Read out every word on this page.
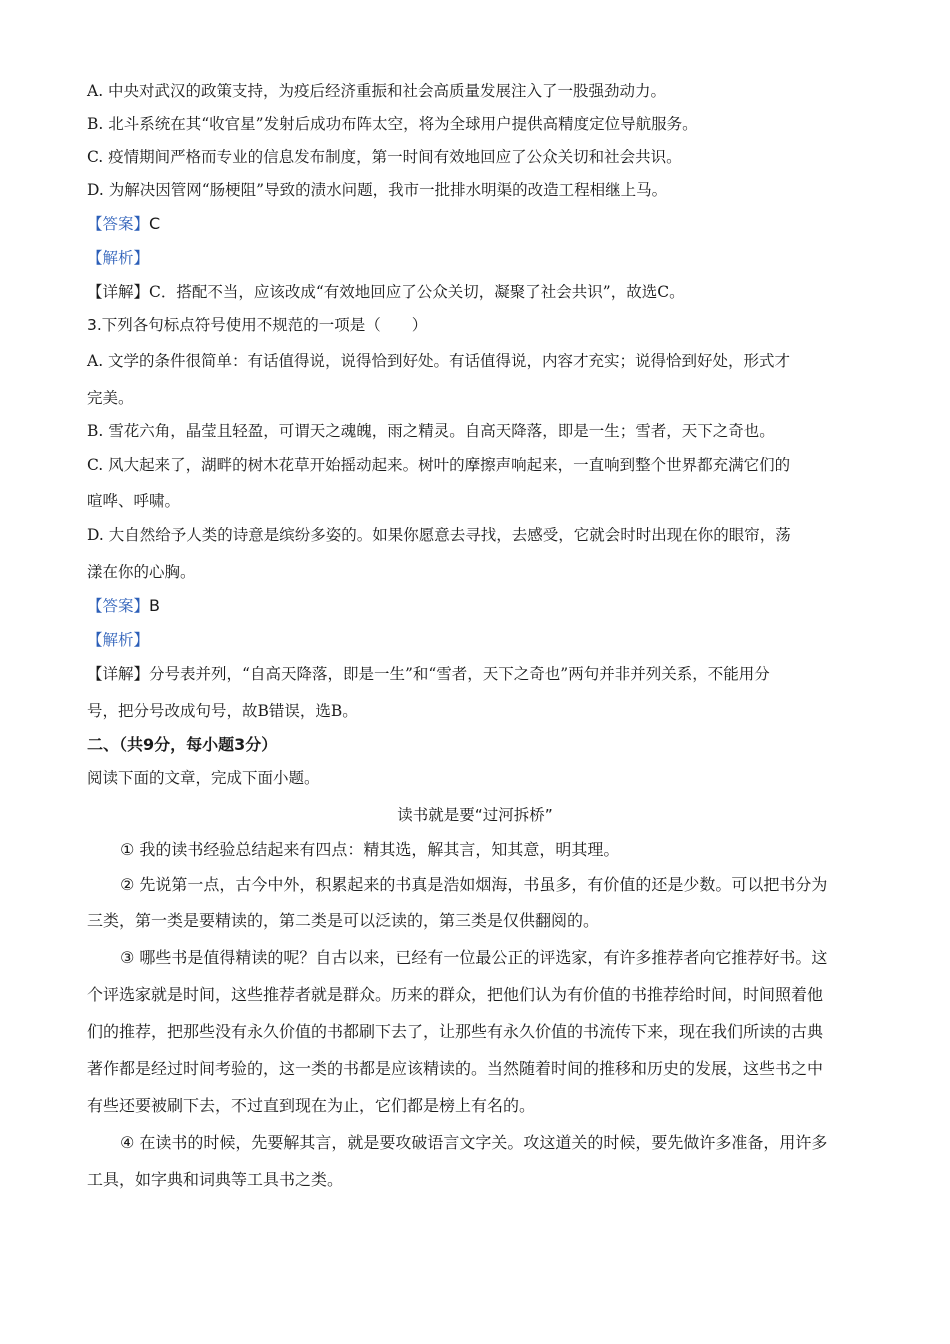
A. 中央对武汉的政策支持，为疫后经济重振和社会高质量发展注入了一股强劲动力。
B. 北斗系统在其“收官星”发射后成功布阵太空，将为全球用户提供高精度定位导航服务。
C. 疫情期间严格而专业的信息发布制度，第一时间有效地回应了公众关切和社会共识。
D. 为解决因管网“肠梗阻”导致的渍水问题，我市一批排水明渠的改造工程相继上马。
【答案】C
【解析】
【详解】C．搭配不当，应该改成“有效地回应了公众关切，凝聚了社会共识”，故选C。
3.下列各句标点符号使用不规范的一项是（　　）
A. 文学的条件很简单：有话值得说，说得恰到好处。有话值得说，内容才充实；说得恰到好处，形式才
完美。
B. 雪花六角，晶莹且轻盈，可谓天之魂魄，雨之精灵。自高天降落，即是一生；雪者，天下之奇也。
C. 风大起来了，湖畔的树木花草开始摇动起来。树叶的摩擦声响起来，一直响到整个世界都充满它们的
喧哗、呼啸。
D. 大自然给予人类的诗意是缤纷多姿的。如果你愿意去寻找，去感受，它就会时时出现在你的眼帘，荡
漾在你的心胸。
【答案】B
【解析】
【详解】分号表并列，“自高天降落，即是一生”和“雪者，天下之奇也”两句并非并列关系，不能用分
号，把分号改成句号，故B错误，选B。
二、（共9分，每小题3分）
阅读下面的文章，完成下面小题。
读书就是要“过河拆桥”
① 我的读书经验总结起来有四点：精其选，解其言，知其意，明其理。
② 先说第一点，古今中外，积累起来的书真是浩如烟海，书虽多，有价值的还是少数。可以把书分为
三类，第一类是要精读的，第二类是可以泛读的，第三类是仅供翻阅的。
③ 哪些书是值得精读的呢？自古以来，已经有一位最公正的评选家，有许多推荐者向它推荐好书。这
个评选家就是时间，这些推荐者就是群众。历来的群众，把他们认为有价值的书推荐给时间，时间照着他
们的推荐，把那些没有永久价值的书都刷下去了，让那些有永久价值的书流传下来，现在我们所读的古典
著作都是经过时间考验的，这一类的书都是应该精读的。当然随着时间的推移和历史的发展，这些书之中
有些还要被刷下去，不过直到现在为止，它们都是榜上有名的。
④ 在读书的时候，先要解其言，就是要攻破语言文字关。攻这道关的时候，要先做许多准备，用许多
工具，如字典和词典等工具书之类。
